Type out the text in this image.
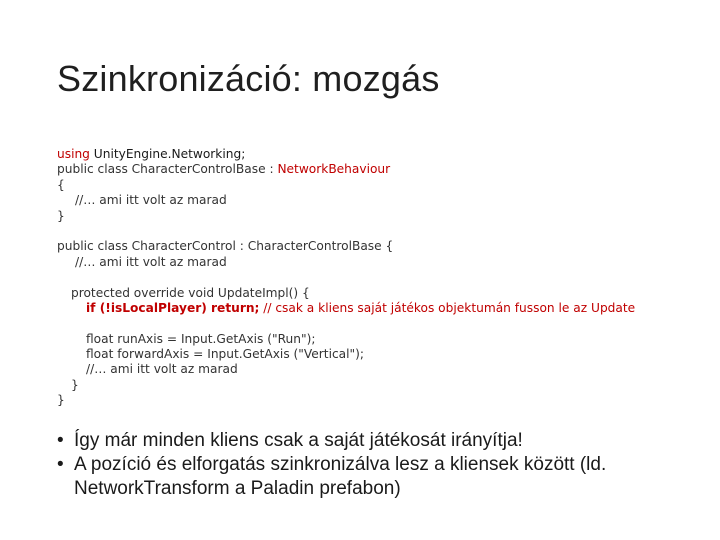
Szinkronizáció: mozgás
using UnityEngine.Networking;
public class CharacterControlBase : NetworkBehaviour
{
//… ami itt volt az marad
}
public class CharacterControl : CharacterControlBase {
//… ami itt volt az marad
protected override void UpdateImpl() {
if (!isLocalPlayer) return; // csak a kliens saját játékos objektumán fusson le az Update
float runAxis = Input.GetAxis ("Run");
float forwardAxis = Input.GetAxis ("Vertical");
//… ami itt volt az marad
}
}
• Így már minden kliens csak a saját játékosát irányítja!
• A pozíció és elforgatás szinkronizálva lesz a kliensek között (ld. NetworkTransform a Paladin prefabon)
